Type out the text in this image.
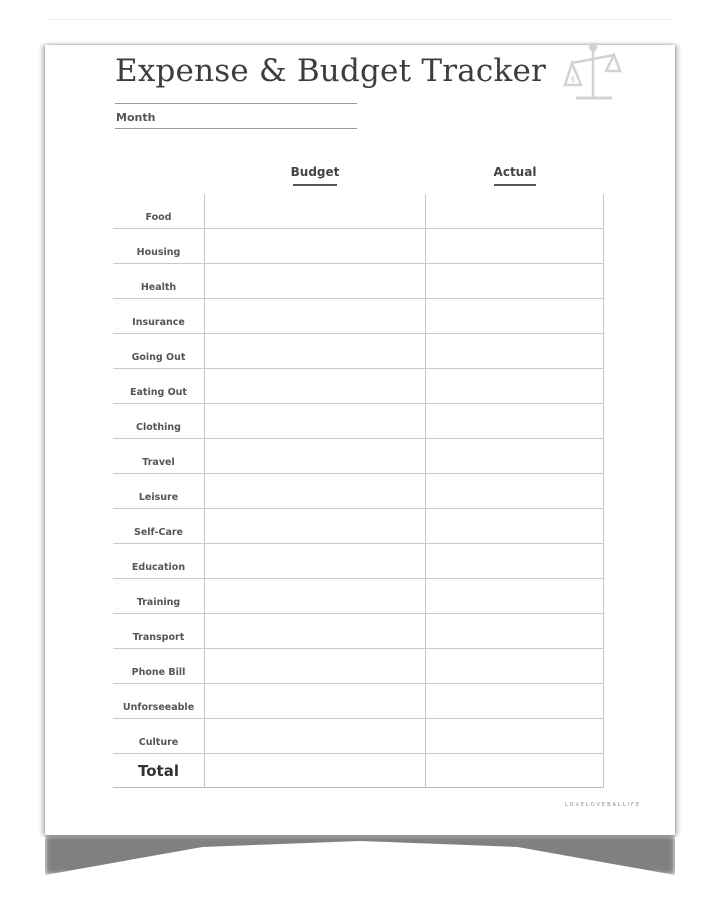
Expense & Budget Tracker	$
Month
Budget	Actual
Food
Housing
Health
Insurance
Going Out
Eating Out
Clothing
Travel
Leisure
Self-Care
Education
Training
Transport
Phone Bill
Unforseeable
Culture
Total
LOVELOVEBALLIFE
